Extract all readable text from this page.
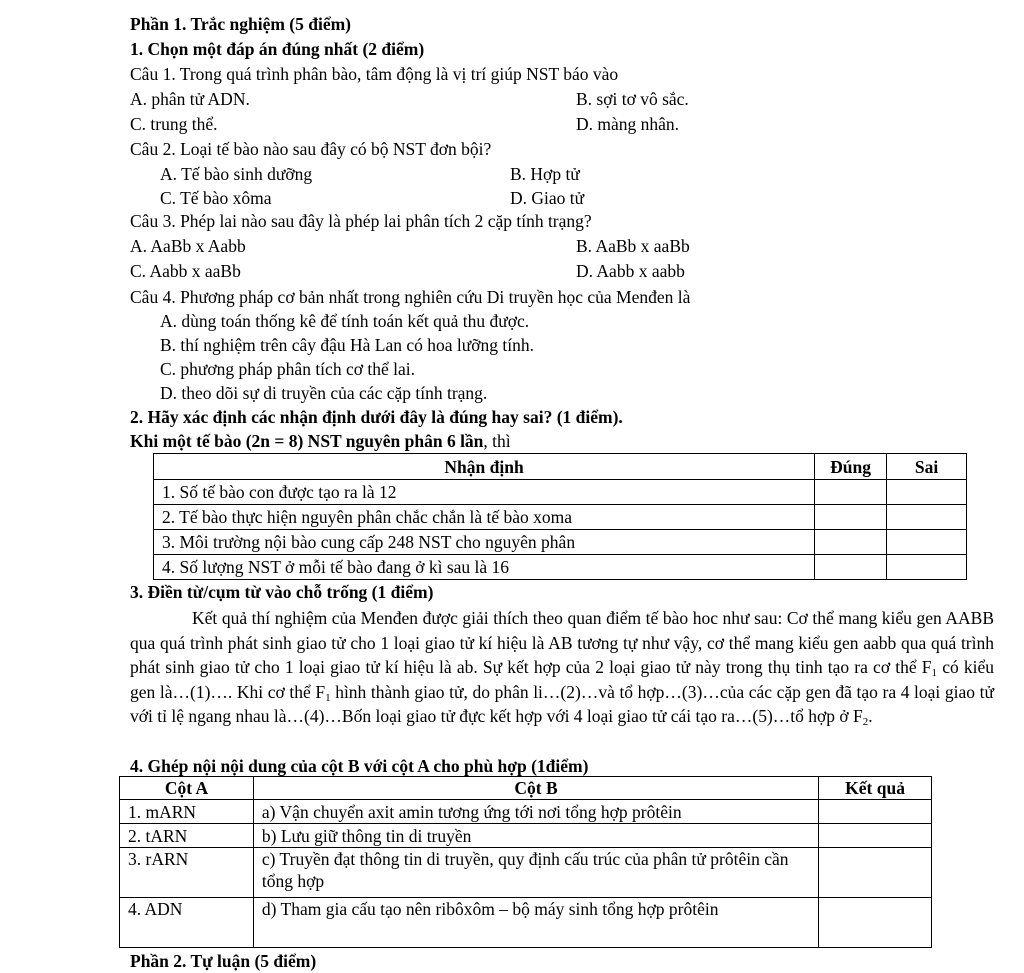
Phần 1. Trắc nghiệm (5 điểm)
1. Chọn một đáp án đúng nhất (2 điểm)
Câu 1. Trong quá trình phân bào, tâm động là vị trí giúp NST báo vào
A. phân tử ADN.	B. sợi tơ vô sắc.
C. trung thể.	D. màng nhân.
Câu 2. Loại tế bào nào sau đây có bộ NST đơn bội?
A. Tế bào sinh dưỡng	B. Hợp tử
C. Tế bào xôma	D. Giao tử
Câu 3. Phép lai nào sau đây là phép lai phân tích 2 cặp tính trạng?
A. AaBb x Aabb	B. AaBb x aaBb
C. Aabb x aaBb	D. Aabb x aabb
Câu 4. Phương pháp cơ bản nhất trong nghiên cứu Di truyền học của Menđen là
A. dùng toán thống kê để tính toán kết quả thu được.
B. thí nghiệm trên cây đậu Hà Lan có hoa lưỡng tính.
C. phương pháp phân tích cơ thể lai.
D. theo dõi sự di truyền của các cặp tính trạng.
2. Hãy xác định các nhận định dưới đây là đúng hay sai? (1 điểm).
Khi một tế bào (2n = 8) NST nguyên phân 6 lần, thì
Nhận định	Đúng	Sai
1. Số tế bào con được tạo ra là 12		
2. Tế bào thực hiện nguyên phân chắc chắn là tế bào xoma		
3. Môi trường nội bào cung cấp 248 NST cho nguyên phân		
4. Số lượng NST ở mỗi tế bào đang ở kì sau là 16		
3. Điền từ/cụm từ vào chỗ trống (1 điểm)
Kết quả thí nghiệm của Menđen được giải thích theo quan điểm tế bào hoc như sau: Cơ thể mang kiểu gen AABB qua quá trình phát sinh giao tử cho 1 loại giao tử kí hiệu là AB tương tự như vậy, cơ thể mang kiểu gen aabb qua quá trình phát sinh giao tử cho 1 loại giao tử kí hiệu là ab. Sự kết hợp của 2 loại giao tử này trong thụ tinh tạo ra cơ thể $F_1$ có kiểu gen là…(1)…. Khi cơ thể $F_1$ hình thành giao tử, do phân li…(2)…và tổ hợp…(3)…của các cặp gen đã tạo ra 4 loại giao tử với tỉ lệ ngang nhau là…(4)…Bốn loại giao tử đực kết hợp với 4 loại giao tử cái tạo ra…(5)…tổ hợp ở $F_2$.
4. Ghép nội nội dung của cột B với cột A cho phù hợp (1điểm)
Cột A	Cột B	Kết quả
1. mARN	a) Vận chuyển axit amin tương ứng tới nơi tổng hợp prôtêin	
2. tARN	b) Lưu giữ thông tin di truyền	
3. rARN	c) Truyền đạt thông tin di truyền, quy định cấu trúc của phân tử prôtêin cần tổng hợp	
4. ADN	d) Tham gia cấu tạo nên ribôxôm – bộ máy sinh tổng hợp prôtêin	
Phần 2. Tự luận (5 điểm)
